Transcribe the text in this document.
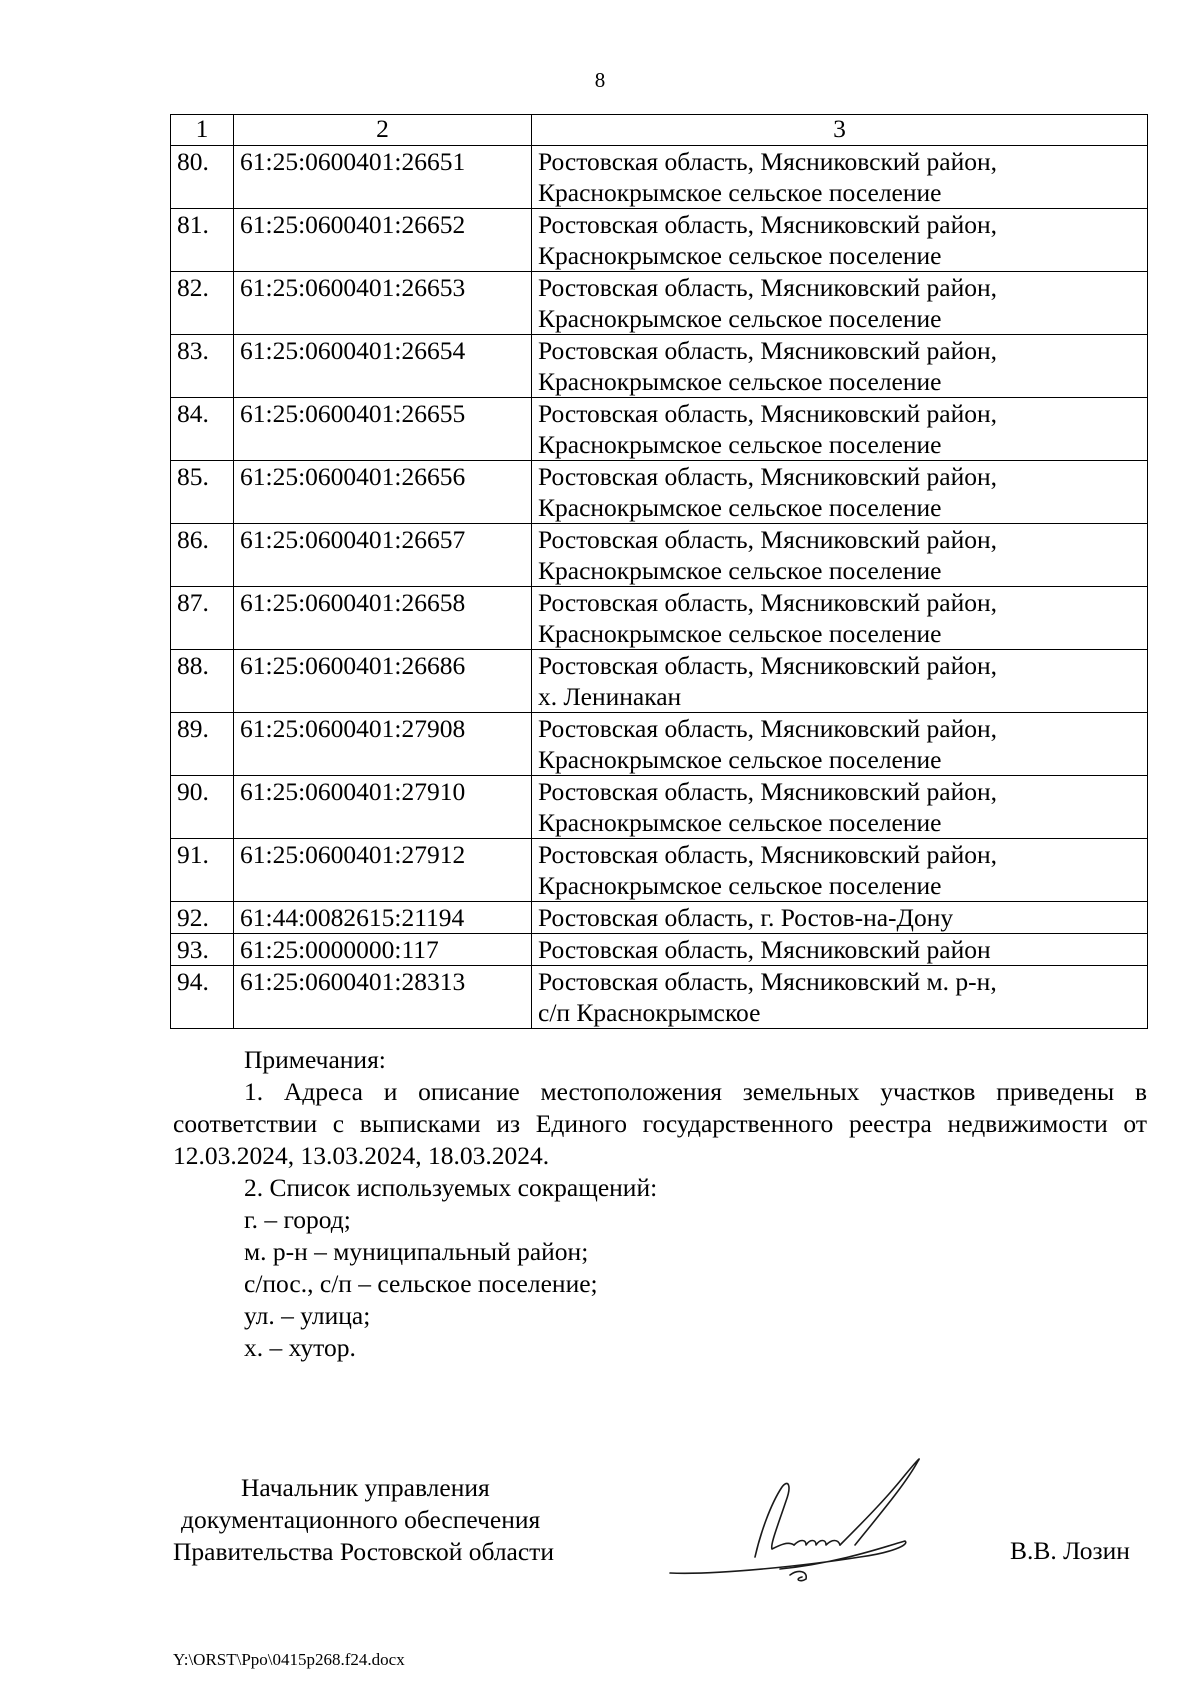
8
1	2	3
80.	61:25:0600401:26651	Ростовская область, Мясниковский район,
Краснокрымское сельское поселение
81.	61:25:0600401:26652	Ростовская область, Мясниковский район,
Краснокрымское сельское поселение
82.	61:25:0600401:26653	Ростовская область, Мясниковский район,
Краснокрымское сельское поселение
83.	61:25:0600401:26654	Ростовская область, Мясниковский район,
Краснокрымское сельское поселение
84.	61:25:0600401:26655	Ростовская область, Мясниковский район,
Краснокрымское сельское поселение
85.	61:25:0600401:26656	Ростовская область, Мясниковский район,
Краснокрымское сельское поселение
86.	61:25:0600401:26657	Ростовская область, Мясниковский район,
Краснокрымское сельское поселение
87.	61:25:0600401:26658	Ростовская область, Мясниковский район,
Краснокрымское сельское поселение
88.	61:25:0600401:26686	Ростовская область, Мясниковский район,
х. Ленинакан
89.	61:25:0600401:27908	Ростовская область, Мясниковский район,
Краснокрымское сельское поселение
90.	61:25:0600401:27910	Ростовская область, Мясниковский район,
Краснокрымское сельское поселение
91.	61:25:0600401:27912	Ростовская область, Мясниковский район,
Краснокрымское сельское поселение
92.	61:44:0082615:21194	Ростовская область, г. Ростов-на-Дону
93.	61:25:0000000:117	Ростовская область, Мясниковский район
94.	61:25:0600401:28313	Ростовская область, Мясниковский м. р-н,
с/п Краснокрымское

Примечания:

1. Адреса и описание местоположения земельных участков приведены в соответствии с выписками из Единого государственного реестра недвижимости от 12.03.2024, 13.03.2024, 18.03.2024.

2. Список используемых сокращений:

г. – город;

м. р-н – муниципальный район;

с/пос., с/п – сельское поселение;

ул. – улица;

х. – хутор.

Начальник управления
документационного обеспечения
Правительства Ростовской области	В.В. Лозин
Y:\ORST\Ppo\0415p268.f24.docx
